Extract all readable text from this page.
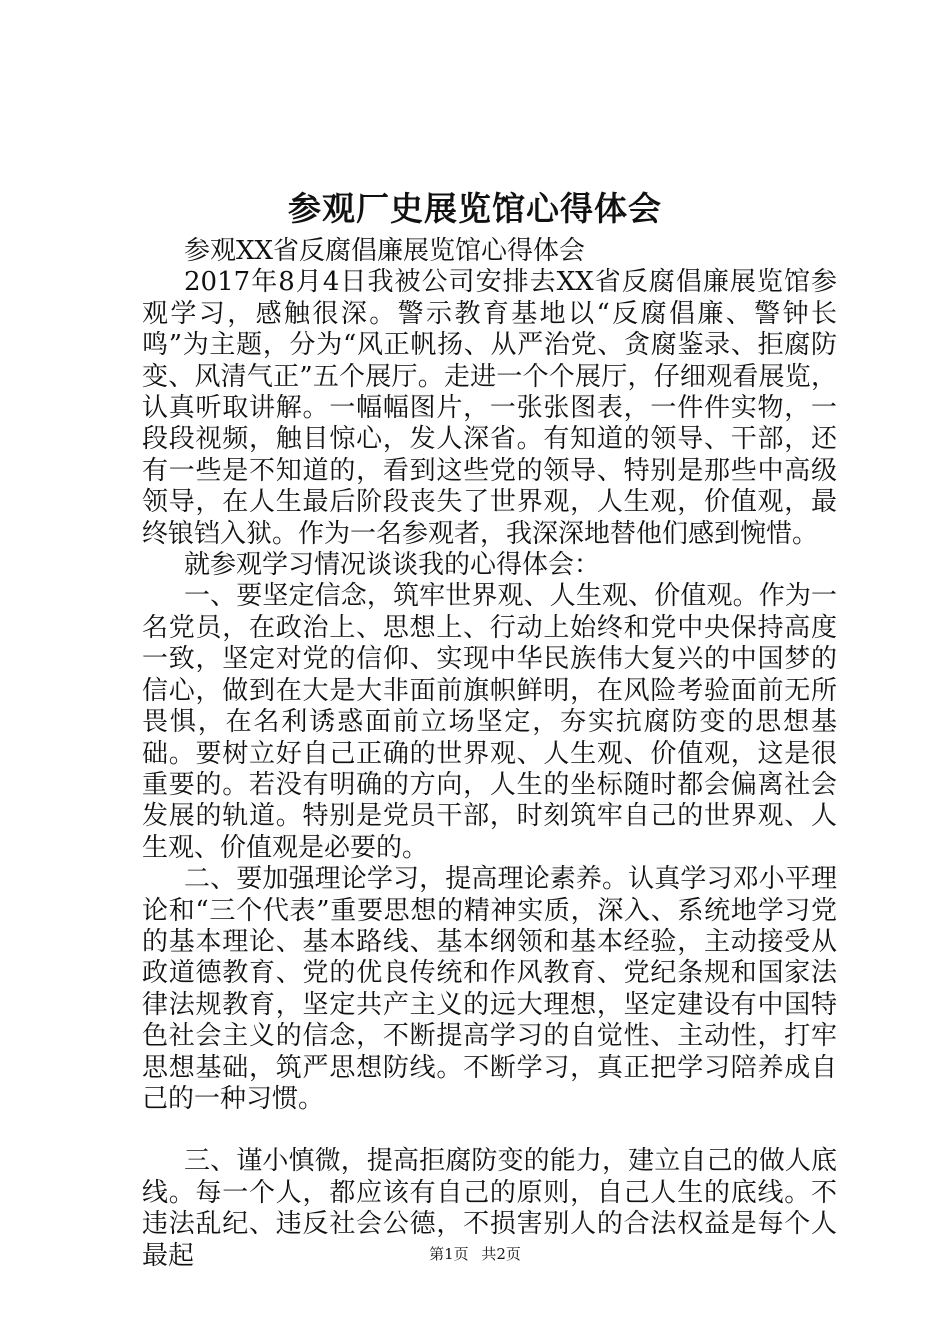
参观厂史展览馆心得体会

参观XX省反腐倡廉展览馆心得体会

2017年8月4日我被公司安排去XX省反腐倡廉展览馆参观学习，感触很深。警示教育基地以“反腐倡廉、警钟长鸣”为主题，分为“风正帆扬、从严治党、贪腐鉴录、拒腐防变、风清气正”五个展厅。走进一个个展厅，仔细观看展览，认真听取讲解。一幅幅图片，一张张图表，一件件实物，一段段视频，触目惊心，发人深省。有知道的领导、干部，还有一些是不知道的，看到这些党的领导、特别是那些中高级领导，在人生最后阶段丧失了世界观，人生观，价值观，最终锒铛入狱。作为一名参观者，我深深地替他们感到惋惜。

就参观学习情况谈谈我的心得体会：

一、要坚定信念，筑牢世界观、人生观、价值观。作为一名党员，在政治上、思想上、行动上始终和党中央保持高度一致，坚定对党的信仰、实现中华民族伟大复兴的中国梦的信心，做到在大是大非面前旗帜鲜明，在风险考验面前无所畏惧，在名利诱惑面前立场坚定，夯实抗腐防变的思想基础。要树立好自己正确的世界观、人生观、价值观，这是很重要的。若没有明确的方向，人生的坐标随时都会偏离社会发展的轨道。特别是党员干部，时刻筑牢自己的世界观、人生观、价值观是必要的。

二、要加强理论学习，提高理论素养。认真学习邓小平理论和“三个代表”重要思想的精神实质，深入、系统地学习党的基本理论、基本路线、基本纲领和基本经验，主动接受从政道德教育、党的优良传统和作风教育、党纪条规和国家法律法规教育，坚定共产主义的远大理想，坚定建设有中国特色社会主义的信念，不断提高学习的自觉性、主动性，打牢思想基础，筑严思想防线。不断学习，真正把学习陪养成自己的一种习惯。

三、谨小慎微，提高拒腐防变的能力，建立自己的做人底线。每一个人，都应该有自己的原则，自己人生的底线。不违法乱纪、违反社会公德，不损害别人的合法权益是每个人最起	第1页 共2页
